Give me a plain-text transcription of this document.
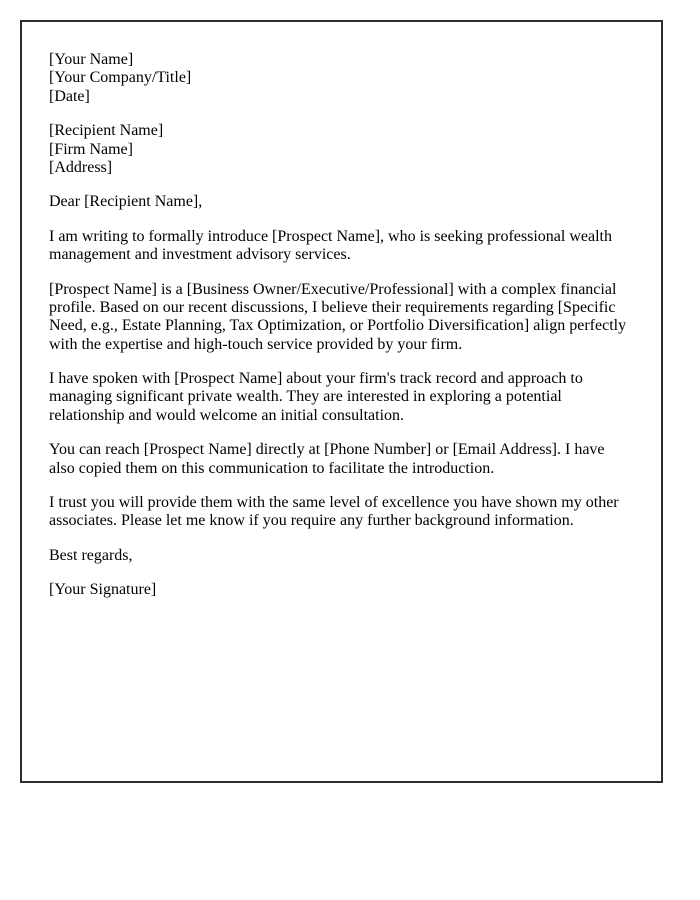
[Your Name]
[Your Company/Title]
[Date]
[Recipient Name]
[Firm Name]
[Address]

Dear [Recipient Name],

I am writing to formally introduce [Prospect Name], who is seeking professional wealth management and investment advisory services.

[Prospect Name] is a [Business Owner/Executive/Professional] with a complex financial profile. Based on our recent discussions, I believe their requirements regarding [Specific Need, e.g., Estate Planning, Tax Optimization, or Portfolio Diversification] align perfectly with the expertise and high-touch service provided by your firm.

I have spoken with [Prospect Name] about your firm's track record and approach to managing significant private wealth. They are interested in exploring a potential relationship and would welcome an initial consultation.

You can reach [Prospect Name] directly at [Phone Number] or [Email Address]. I have also copied them on this communication to facilitate the introduction.

I trust you will provide them with the same level of excellence you have shown my other associates. Please let me know if you require any further background information.

Best regards,

[Your Signature]
